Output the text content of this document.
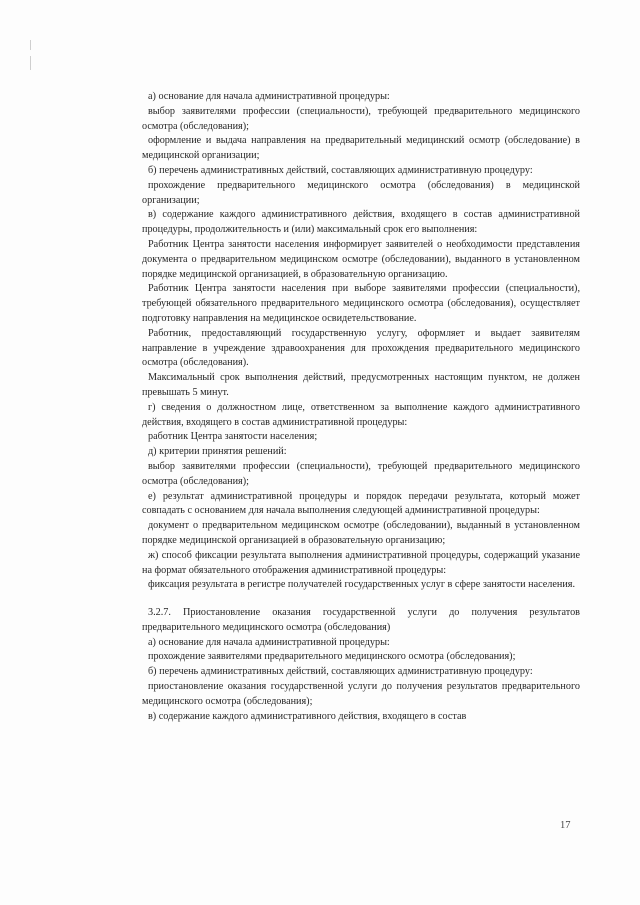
а) основание для начала административной процедуры:

выбор заявителями профессии (специальности), требующей предварительного медицинского осмотра (обследования);

оформление и выдача направления на предварительный медицинский осмотр (обследование) в медицинской организации;

б) перечень административных действий, составляющих административную процедуру:

прохождение предварительного медицинского осмотра (обследования) в медицинской организации;

в) содержание каждого административного действия, входящего в состав административной процедуры, продолжительность и (или) максимальный срок его выполнения:

Работник Центра занятости населения информирует заявителей о необходимости представления документа о предварительном медицинском осмотре (обследовании), выданного в установленном порядке медицинской организацией, в образовательную организацию.

Работник Центра занятости населения при выборе заявителями профессии (специальности), требующей обязательного предварительного медицинского осмотра (обследования), осуществляет подготовку направления на медицинское освидетельствование.

Работник, предоставляющий государственную услугу, оформляет и выдает заявителям направление в учреждение здравоохранения для прохождения предварительного медицинского осмотра (обследования).

Максимальный срок выполнения действий, предусмотренных настоящим пунктом, не должен превышать 5 минут.

г) сведения о должностном лице, ответственном за выполнение каждого административного действия, входящего в состав административной процедуры:

работник Центра занятости населения;

д) критерии принятия решений:

выбор заявителями профессии (специальности), требующей предварительного медицинского осмотра (обследования);

е) результат административной процедуры и порядок передачи результата, который может совпадать с основанием для начала выполнения следующей административной процедуры:

документ о предварительном медицинском осмотре (обследовании), выданный в установленном порядке медицинской организацией в образовательную организацию;

ж) способ фиксации результата выполнения административной процедуры, содержащий указание на формат обязательного отображения административной процедуры:

фиксация результата в регистре получателей государственных услуг в сфере занятости населения.

3.2.7. Приостановление оказания государственной услуги до получения результатов предварительного медицинского осмотра (обследования)

а) основание для начала административной процедуры:

прохождение заявителями предварительного медицинского осмотра (обследования);

б) перечень административных действий, составляющих административную процедуру:

приостановление оказания государственной услуги до получения результатов предварительного медицинского осмотра (обследования);

в) содержание каждого административного действия, входящего в состав

17
